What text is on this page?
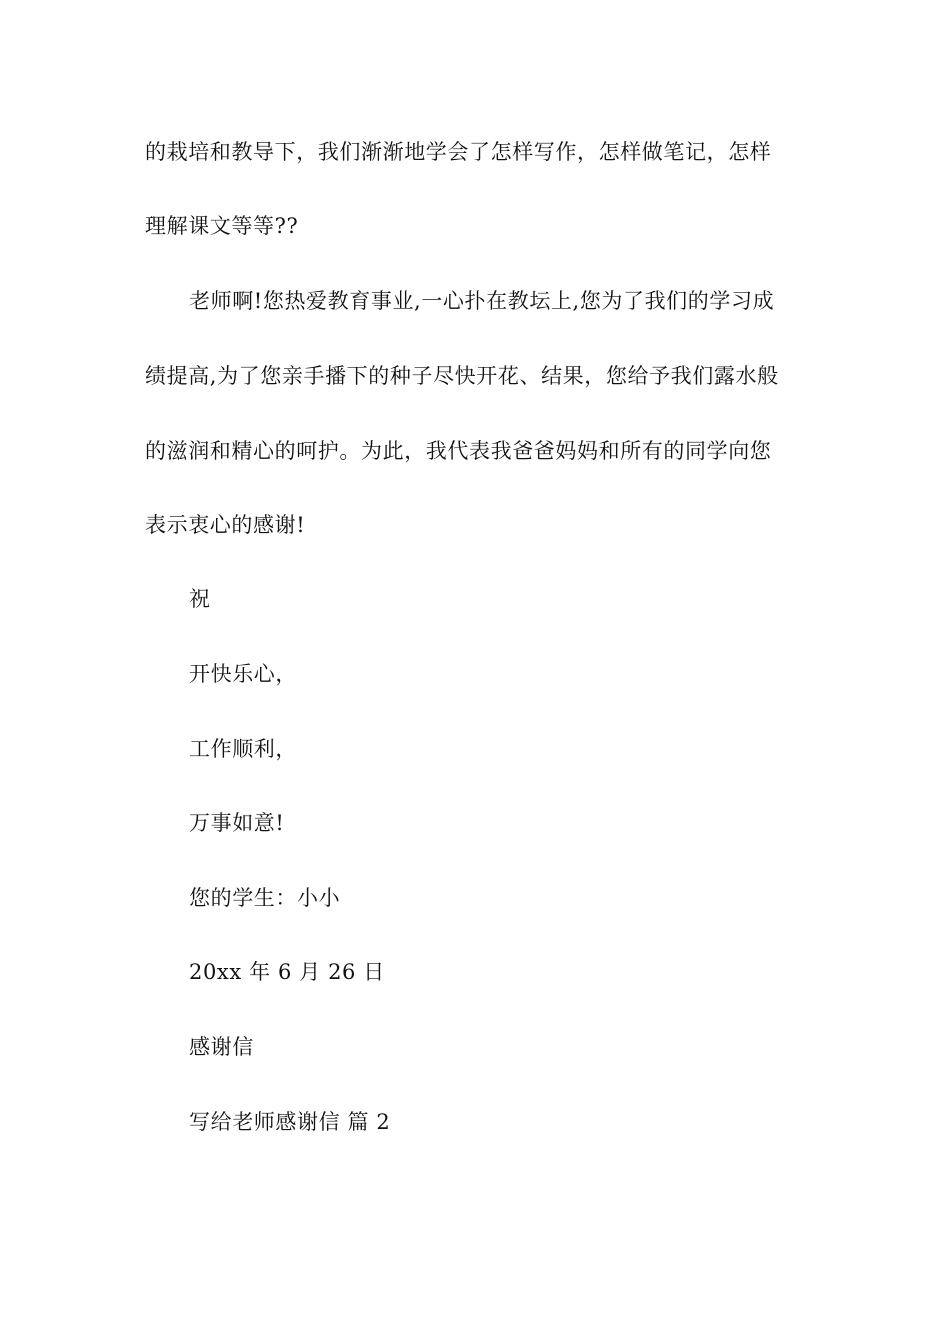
的栽培和教导下，我们渐渐地学会了怎样写作，怎样做笔记，怎样
理解课文等等??
老师啊!您热爱教育事业,一心扑在教坛上,您为了我们的学习成
绩提高,为了您亲手播下的种子尽快开花、结果，您给予我们露水般
的滋润和精心的呵护。为此，我代表我爸爸妈妈和所有的同学向您
表示衷心的感谢!
祝
开快乐心，
工作顺利，
万事如意!
您的学生：小小
20xx 年 6 月 26 日
感谢信
写给老师感谢信 篇 2
